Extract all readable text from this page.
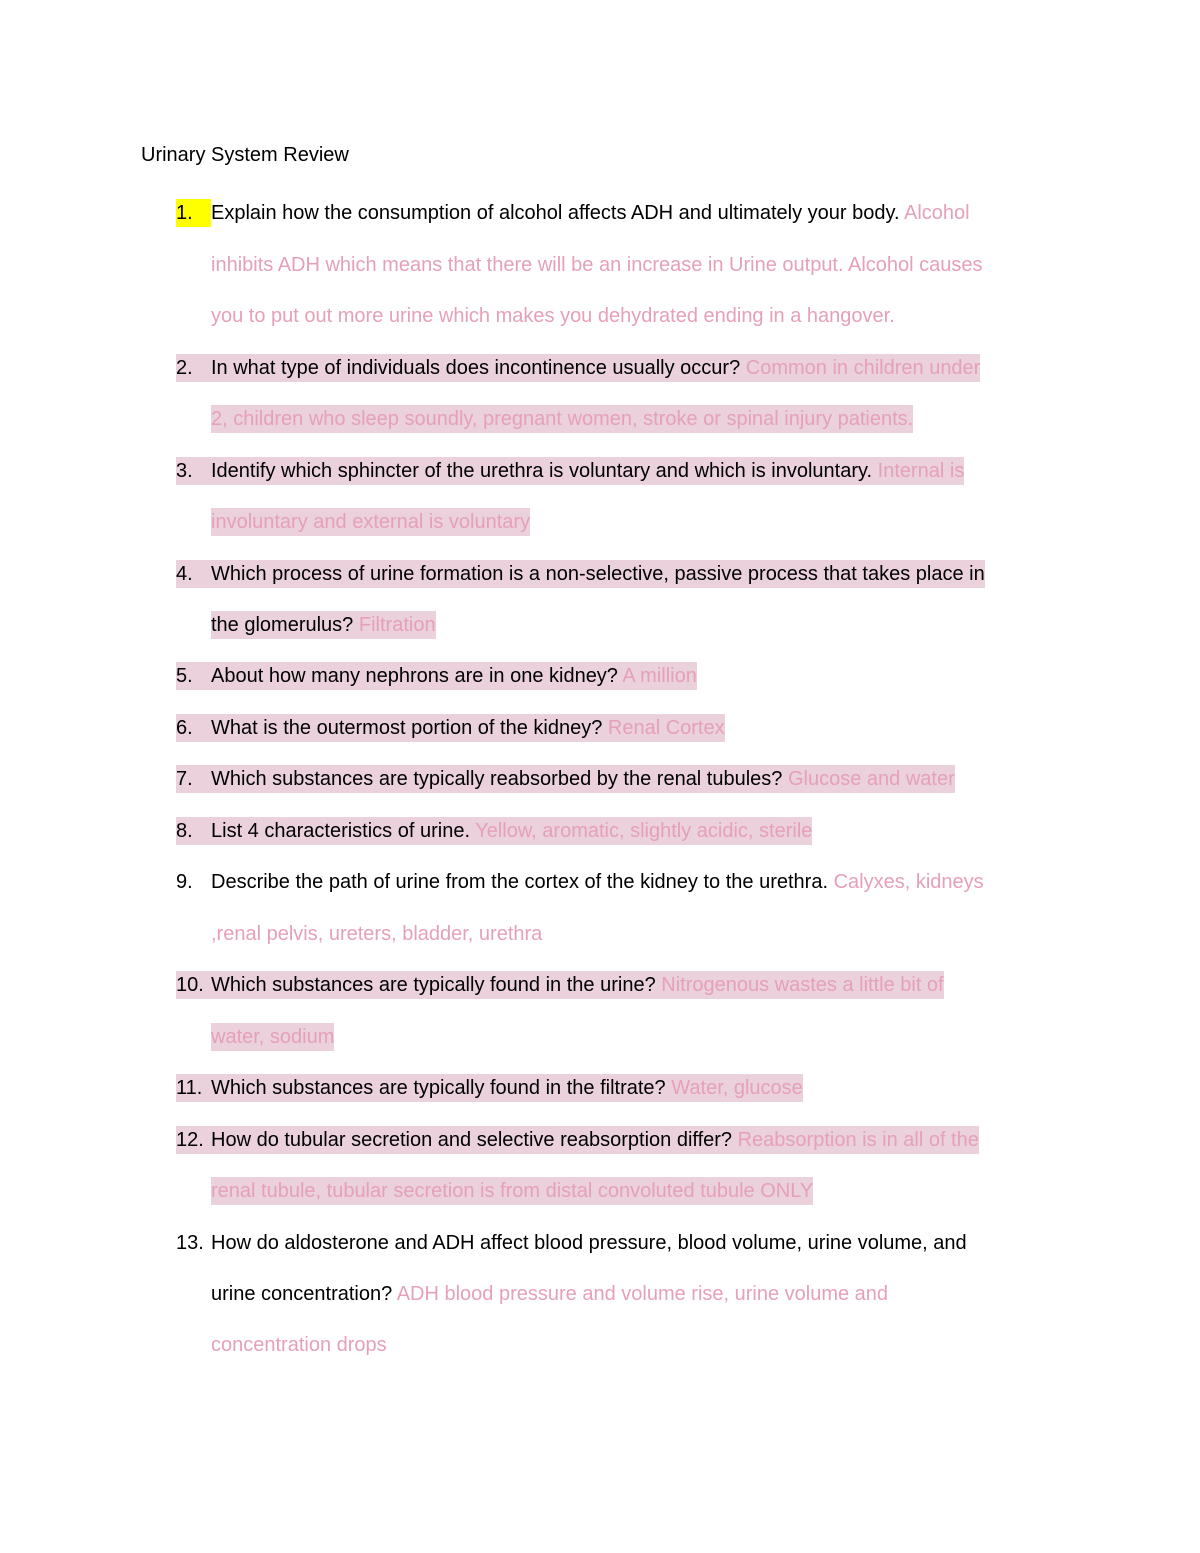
Urinary System Review
1. Explain how the consumption of alcohol affects ADH and ultimately your body. Alcohol
inhibits ADH which means that there will be an increase in Urine output. Alcohol causes
you to put out more urine which makes you dehydrated ending in a hangover.
2. In what type of individuals does incontinence usually occur? Common in children under
2, children who sleep soundly, pregnant women, stroke or spinal injury patients.
3. Identify which sphincter of the urethra is voluntary and which is involuntary. Internal is
involuntary and external is voluntary
4. Which process of urine formation is a non-selective, passive process that takes place in
the glomerulus? Filtration
5. About how many nephrons are in one kidney? A million
6. What is the outermost portion of the kidney? Renal Cortex
7. Which substances are typically reabsorbed by the renal tubules? Glucose and water
8. List 4 characteristics of urine. Yellow, aromatic, slightly acidic, sterile
9. Describe the path of urine from the cortex of the kidney to the urethra. Calyxes, kidneys
,renal pelvis, ureters, bladder, urethra
10. Which substances are typically found in the urine? Nitrogenous wastes a little bit of
water, sodium
11. Which substances are typically found in the filtrate? Water, glucose
12. How do tubular secretion and selective reabsorption differ? Reabsorption is in all of the
renal tubule, tubular secretion is from distal convoluted tubule ONLY
13. How do aldosterone and ADH affect blood pressure, blood volume, urine volume, and
urine concentration? ADH blood pressure and volume rise, urine volume and
concentration drops
